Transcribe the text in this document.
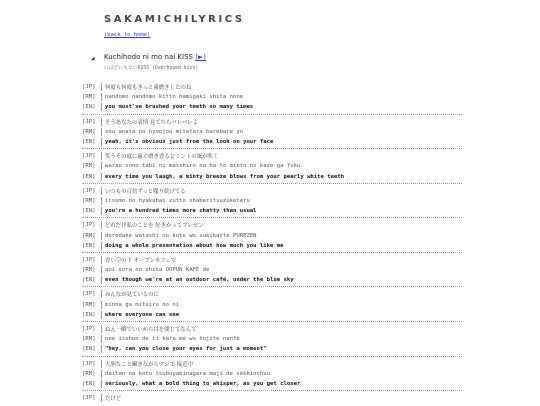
SAKAMICHILYRICS
(back to home)
◢ Kuchihodo ni mo nai KISS (►)
口ほどにもないKISS (Overhyped kiss)
[JP]	何度も何度もきっと歯磨きしたのね
[RM]	nandomo nandomo kitto hamigaki shita none
[EN]	you must've brushed your teeth so many times
[JP]	そうあなたの表情 見てたらバレバレよ
[RM]	sou anata no hyoujou mitetara barebare yo
[EN]	yeah, it's obvious just from the look on your face
[JP]	笑うその度に歯ぐ磨き香るとミントの風が吹く
[RM]	warau sono tabi ni masshiro na ha to minto no kaze ga fuku
[EN]	every time you laugh, a minty breeze blows from your pearly white teeth
[JP]	いつもの百倍ずっと喋り続けてる
[RM]	itsumo no hyakubai zutto shaberitsuzuketeru
[EN]	you're a hundred times more chatty than usual
[JP]	どれだけ私のことを 好きかってプレゼン
[RM]	doredake watashi no koto wo sukikatte PUREZEN
[EN]	doing a whole presentation about how much you like me
[JP]	青い空の下 オープンカフェで
[RM]	aoi sora no shita OOPUN KAFE de
[EN]	even though we're at an outdoor café, under the blue sky
[JP]	みんなが見ているのに
[RM]	minna ga miteiru no ni
[EN]	where everyone can see
[JP]	ねえ一瞬でいいから目を閉じてなんて
[RM]	nee isshun de ii kara me wo tojite nante
[EN]	"hey, can you close your eyes for just a moment"
[JP]	大胆なこと囁きながらマジで 接近中
[RM]	daitan na koto tsubuyakinagara maji de sekkinchuu
[EN]	seriously, what a bold thing to whisper, as you get closer
[JP]	だけど
